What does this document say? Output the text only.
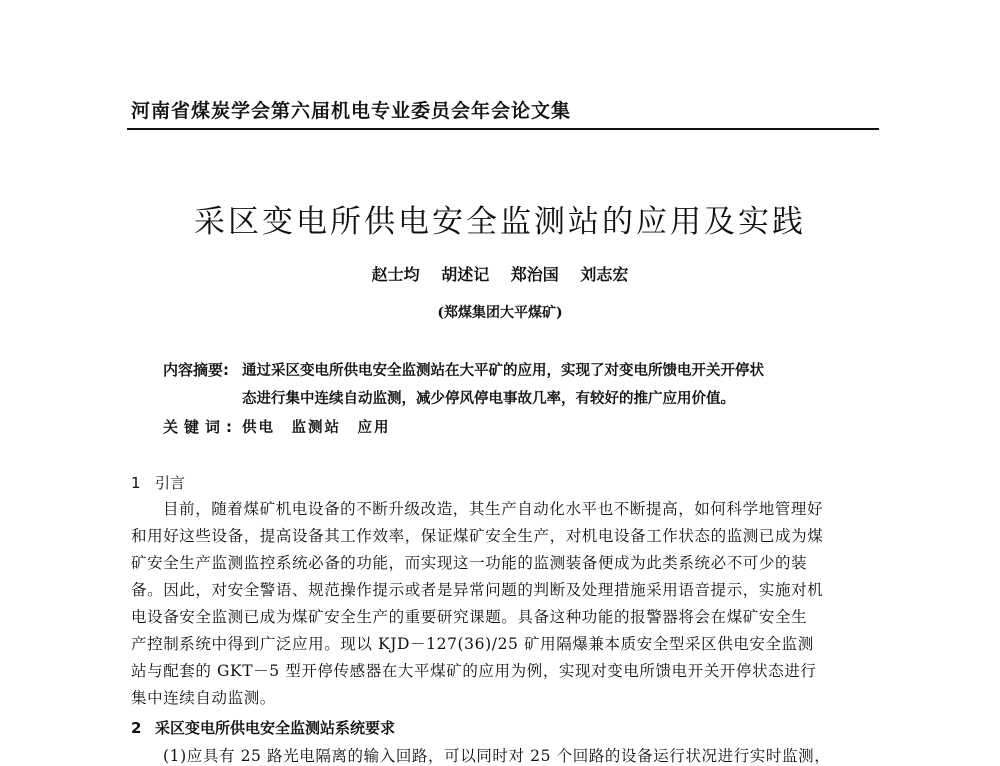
河南省煤炭学会第六届机电专业委员会年会论文集
采区变电所供电安全监测站的应用及实践
赵士均 胡述记 郑治国 刘志宏
(郑煤集团大平煤矿)
内容摘要: 通过采区变电所供电安全监测站在大平矿的应用，实现了对变电所馈电开关开停状
态进行集中连续自动监测，减少停风停电事故几率，有较好的推广应用价值。
关键词: 供电　监测站　应用
1 引言
目前，随着煤矿机电设备的不断升级改造，其生产自动化水平也不断提高，如何科学地管理好
和用好这些设备，提高设备其工作效率，保证煤矿安全生产，对机电设备工作状态的监测已成为煤
矿安全生产监测监控系统必备的功能，而实现这一功能的监测装备便成为此类系统必不可少的装
备。因此，对安全警语、规范操作提示或者是异常问题的判断及处理措施采用语音提示，实施对机
电设备安全监测已成为煤矿安全生产的重要研究课题。具备这种功能的报警器将会在煤矿安全生
产控制系统中得到广泛应用。现以 KJD－127(36)/25 矿用隔爆兼本质安全型采区供电安全监测
站与配套的 GKT－5 型开停传感器在大平煤矿的应用为例，实现对变电所馈电开关开停状态进行
集中连续自动监测。
2 采区变电所供电安全监测站系统要求
(1)应具有 25 路光电隔离的输入回路，可以同时对 25 个回路的设备运行状况进行实时监测，
